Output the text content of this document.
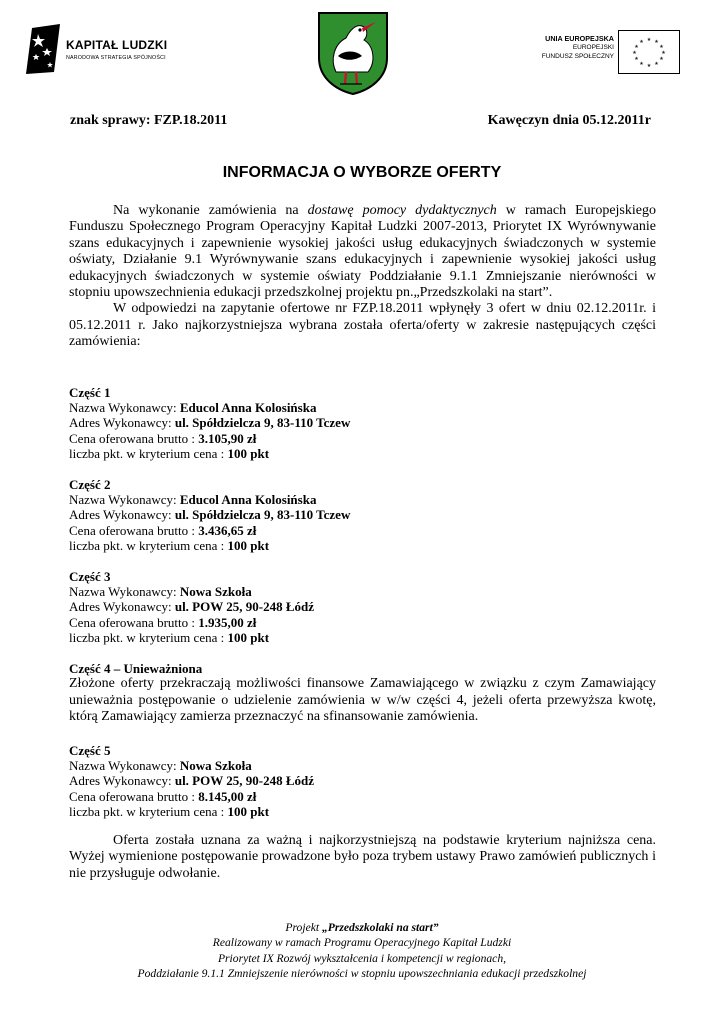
KAPITAŁ LUDZKI
NARODOWA STRATEGIA SPÓJNOŚCI
UNIA EUROPEJSKA
EUROPEJSKI
FUNDUSZ SPOŁECZNY
★ ★
★
★
★
★
★
★
★
★
★
★
znak sprawy: FZP.18.2011	Kawęczyn dnia 05.12.2011r
INFORMACJA O WYBORZE OFERTY

Na wykonanie zamówienia na dostawę pomocy dydaktycznych w ramach Europejskiego Funduszu Społecznego Program Operacyjny Kapitał Ludzki 2007-2013, Priorytet IX Wyrównywanie szans edukacyjnych i zapewnienie wysokiej jakości usług edukacyjnych świadczonych w systemie oświaty, Działanie 9.1 Wyrównywanie szans edukacyjnych i zapewnienie wysokiej jakości usług edukacyjnych świadczonych w systemie oświaty Poddziałanie 9.1.1 Zmniejszanie nierówności w stopniu upowszechnienia edukacji przedszkolnej projektu pn.„Przedszkolaki na start”.

W odpowiedzi na zapytanie ofertowe nr FZP.18.2011 wpłynęły 3 ofert w dniu 02.12.2011r. i 05.12.2011 r. Jako najkorzystniejsza wybrana została oferta/oferty w zakresie następujących części zamówienia:

Część 1
Nazwa Wykonawcy: Educol Anna Kolosińska
Adres Wykonawcy: ul. Spółdzielcza 9, 83-110 Tczew
Cena oferowana brutto : 3.105,90 zł
liczba pkt. w kryterium cena : 100 pkt
Część 2
Nazwa Wykonawcy: Educol Anna Kolosińska
Adres Wykonawcy: ul. Spółdzielcza 9, 83-110 Tczew
Cena oferowana brutto : 3.436,65 zł
liczba pkt. w kryterium cena : 100 pkt
Część 3
Nazwa Wykonawcy: Nowa Szkoła
Adres Wykonawcy: ul. POW 25, 90-248 Łódź
Cena oferowana brutto : 1.935,00 zł
liczba pkt. w kryterium cena : 100 pkt
Część 4 – Unieważniona

Złożone oferty przekraczają możliwości finansowe Zamawiającego w związku z czym Zamawiający unieważnia postępowanie o udzielenie zamówienia w w/w części 4, jeżeli oferta przewyższa kwotę, którą Zamawiający zamierza przeznaczyć na sfinansowanie zamówienia.

Część 5
Nazwa Wykonawcy: Nowa Szkoła
Adres Wykonawcy: ul. POW 25, 90-248 Łódź
Cena oferowana brutto : 8.145,00 zł
liczba pkt. w kryterium cena : 100 pkt

Oferta została uznana za ważną i najkorzystniejszą na podstawie kryterium najniższa cena. Wyżej wymienione postępowanie prowadzone było poza trybem ustawy Prawo zamówień publicznych i nie przysługuje odwołanie.

Projekt „Przedszkolaki na start”
Realizowany w ramach Programu Operacyjnego Kapitał Ludzki
Priorytet IX Rozwój wykształcenia i kompetencji w regionach,
Poddziałanie 9.1.1 Zmniejszenie nierówności w stopniu upowszechniania edukacji przedszkolnej
